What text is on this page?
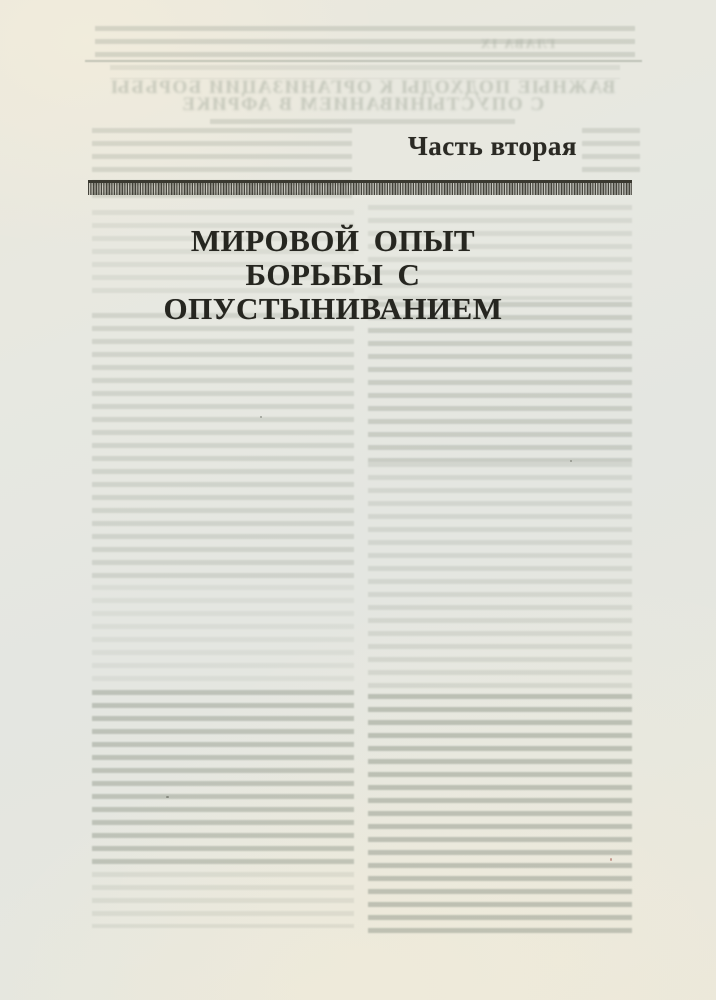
ГЛАВА IX
ВАЖНЫЕ ПОДХОДЫ К ОРГАНИЗАЦИИ БОРЬБЫ
С ОПУСТЫНИВАНИЕМ В АФРИКЕ
Часть вторая
МИРОВОЙ ОПЫТ
БОРЬБЫ С ОПУСТЫНИВАНИЕМ
